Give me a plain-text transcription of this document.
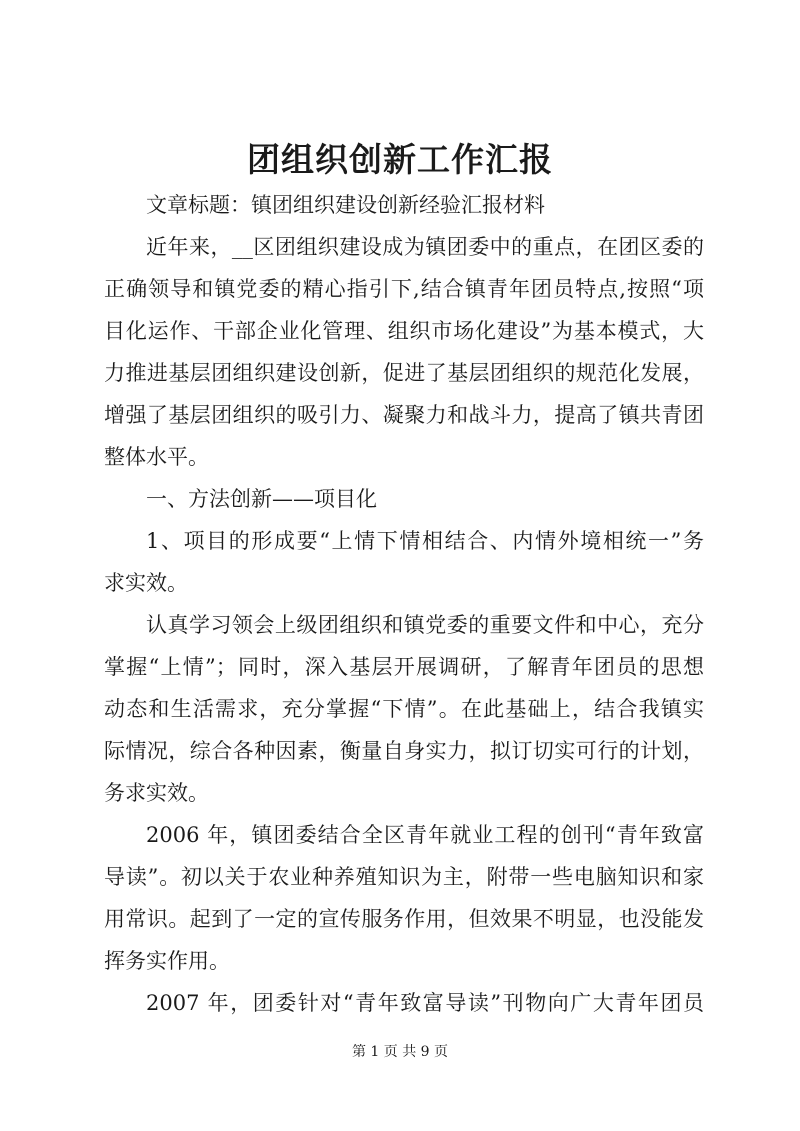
团组织创新工作汇报
文章标题：镇团组织建设创新经验汇报材料
近年来，__区团组织建设成为镇团委中的重点，在团区委的
正确领导和镇党委的精心指引下,结合镇青年团员特点,按照“项
目化运作、干部企业化管理、组织市场化建设”为基本模式，大
力推进基层团组织建设创新，促进了基层团组织的规范化发展，
增强了基层团组织的吸引力、凝聚力和战斗力，提高了镇共青团
整体水平。
一、方法创新——项目化
1、项目的形成要“上情下情相结合、内情外境相统一”务
求实效。
认真学习领会上级团组织和镇党委的重要文件和中心，充分
掌握“上情”；同时，深入基层开展调研，了解青年团员的思想
动态和生活需求，充分掌握“下情”。在此基础上，结合我镇实
际情况，综合各种因素，衡量自身实力，拟订切实可行的计划，
务求实效。
2006 年，镇团委结合全区青年就业工程的创刊“青年致富
导读”。初以关于农业种养殖知识为主，附带一些电脑知识和家
用常识。起到了一定的宣传服务作用，但效果不明显，也没能发
挥务实作用。
2007 年，团委针对“青年致富导读”刊物向广大青年团员
第 1 页 共 9 页
